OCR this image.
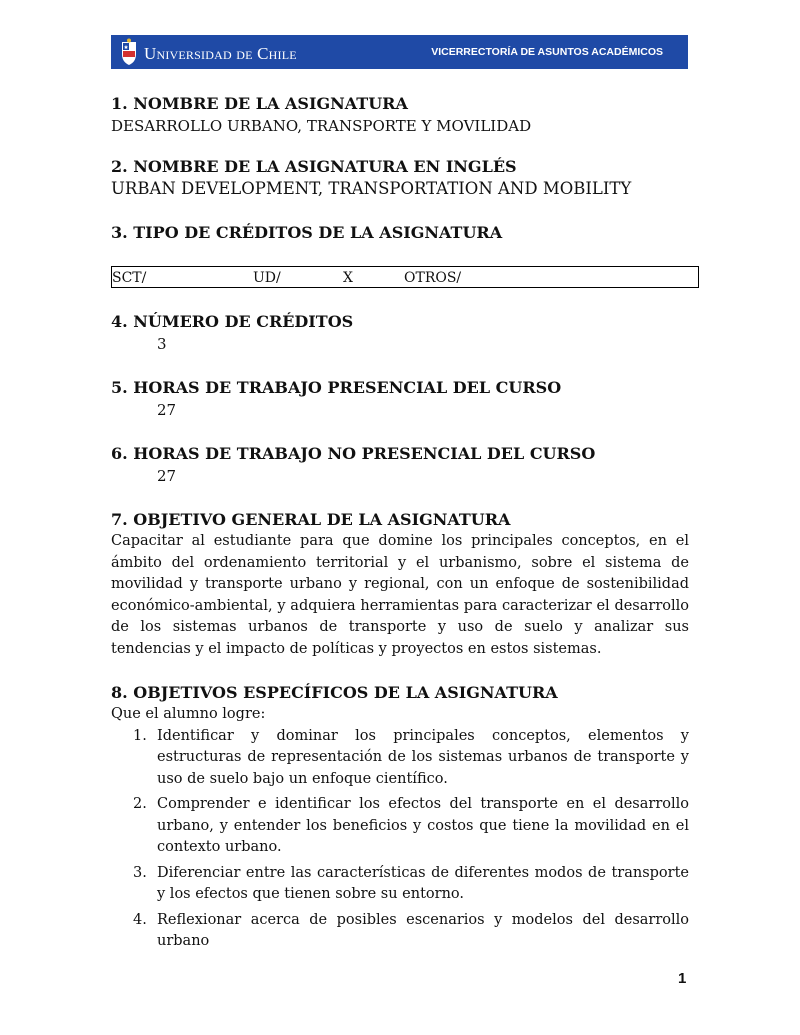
Universidad de Chile	VICERRECTORÍA DE ASUNTOS ACADÉMICOS

1. NOMBRE DE LA ASIGNATURA

DESARROLLO URBANO, TRANSPORTE Y MOVILIDAD

2. NOMBRE DE LA ASIGNATURA EN INGLÉS

URBAN DEVELOPMENT, TRANSPORTATION AND MOBILITY

3. TIPO DE CRÉDITOS DE LA ASIGNATURA

SCT/	UD/	X	OTROS/

4. NÚMERO DE CRÉDITOS

3

5. HORAS DE TRABAJO PRESENCIAL DEL CURSO

27

6. HORAS DE TRABAJO NO PRESENCIAL DEL CURSO

27

7. OBJETIVO GENERAL DE LA ASIGNATURA

Capacitar al estudiante para que domine los principales conceptos, en el ámbito del ordenamiento territorial y el urbanismo, sobre el sistema de movilidad y transporte urbano y regional, con un enfoque de sostenibilidad económico-ambiental, y adquiera herramientas para caracterizar el desarrollo de los sistemas urbanos de transporte y uso de suelo y analizar sus tendencias y el impacto de políticas y proyectos en estos sistemas.

8. OBJETIVOS ESPECÍFICOS DE LA ASIGNATURA

Que el alumno logre:

1. Identificar y dominar los principales conceptos, elementos y estructuras de representación de los sistemas urbanos de transporte y uso de suelo bajo un enfoque científico.
2. Comprender e identificar los efectos del transporte en el desarrollo urbano, y entender los beneficios y costos que tiene la movilidad en el contexto urbano.
3. Diferenciar entre las características de diferentes modos de transporte y los efectos que tienen sobre su entorno.
4. Reflexionar acerca de posibles escenarios y modelos del desarrollo urbano
1
